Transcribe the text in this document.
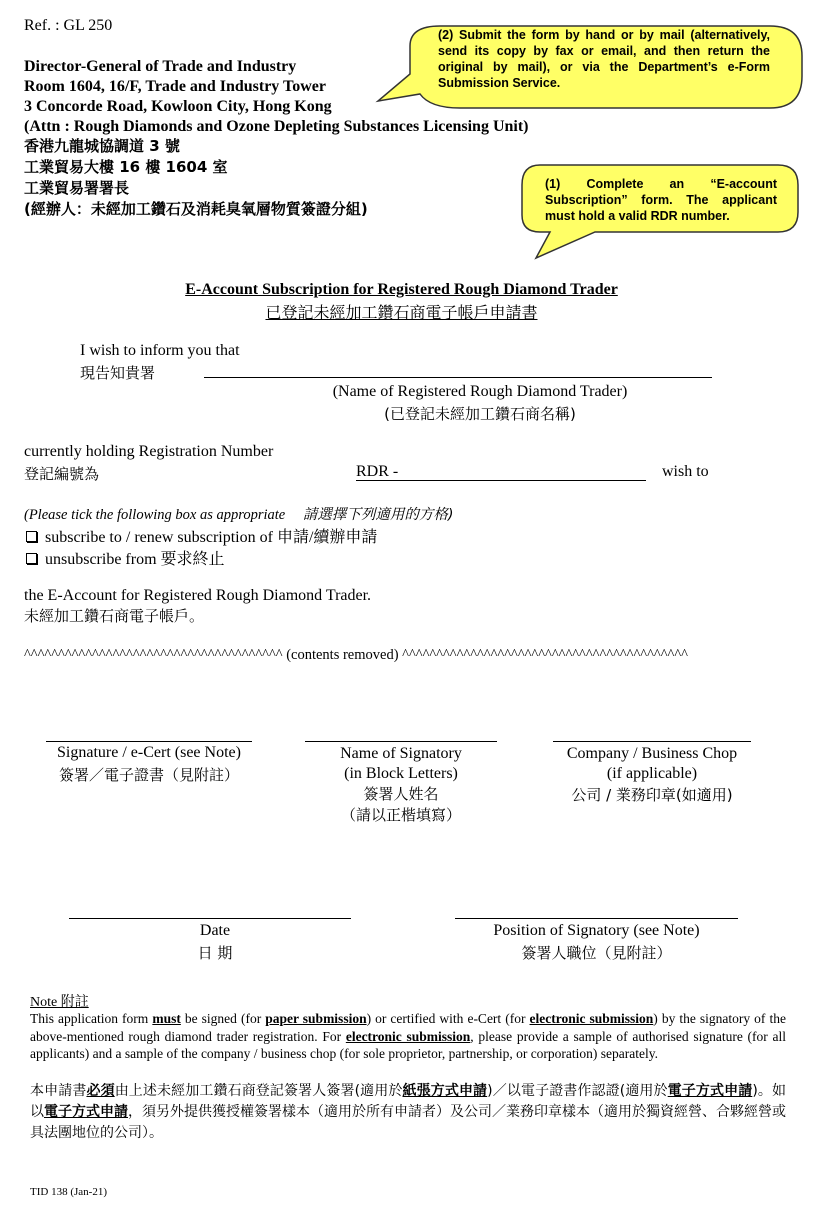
Ref. : GL 250
Director-General of Trade and Industry
Room 1604, 16/F, Trade and Industry Tower
3 Concorde Road, Kowloon City, Hong Kong
(Attn : Rough Diamonds and Ozone Depleting Substances Licensing Unit)
香港九龍城協調道 3 號
工業貿易大樓 16 樓 1604 室
工業貿易署署長
(經辦人：未經加工鑽石及消耗臭氧層物質簽證分組)
(2) Submit the form by hand or by mail (alternatively, send its copy by fax or email, and then return the original by mail), or via the Department’s e-Form Submission Service.
(1) Complete an “E-account Subscription” form. The applicant must hold a valid RDR number.
E-Account Subscription for Registered Rough Diamond Trader
已登記未經加工鑽石商電子帳戶申請書
I wish to inform you that
現告知貴署
(Name of Registered Rough Diamond Trader)
(已登記未經加工鑽石商名稱)
currently holding Registration Number
登記編號為	RDR -	wish to
(Please tick the following box as appropriate 請選擇下列適用的方格)
subscribe to / renew subscription of 申請/續辦申請
unsubscribe from 要求終止
the E-Account for Registered Rough Diamond Trader.
未經加工鑽石商電子帳戶。
^^^^^^^^^^^^^^^^^^^^^^^^^^^^^^^^^^^^^^ (contents removed) ^^^^^^^^^^^^^^^^^^^^^^^^^^^^^^^^^^^^^^^^^^
Signature / e-Cert (see Note)
簽署／電子證書（見附註）
Name of Signatory
(in Block Letters)
簽署人姓名
（請以正楷填寫）
Company / Business Chop
(if applicable)
公司 / 業務印章(如適用)
Date
日 期
Position of Signatory (see Note)
簽署人職位（見附註）
Note 附註
This application form must be signed (for paper submission) or certified with e-Cert (for electronic submission) by the signatory of the above-mentioned rough diamond trader registration. For electronic submission, please provide a sample of authorised signature (for all applicants) and a sample of the company / business chop (for sole proprietor, partnership, or corporation) separately.
本申請書必須由上述未經加工鑽石商登記簽署人簽署(適用於紙張方式申請)／以電子證書作認證(適用於電子方式申請)。如以電子方式申請，須另外提供獲授權簽署樣本（適用於所有申請者）及公司／業務印章樣本（適用於獨資經營、合夥經營或具法團地位的公司）。
TID 138 (Jan-21)
